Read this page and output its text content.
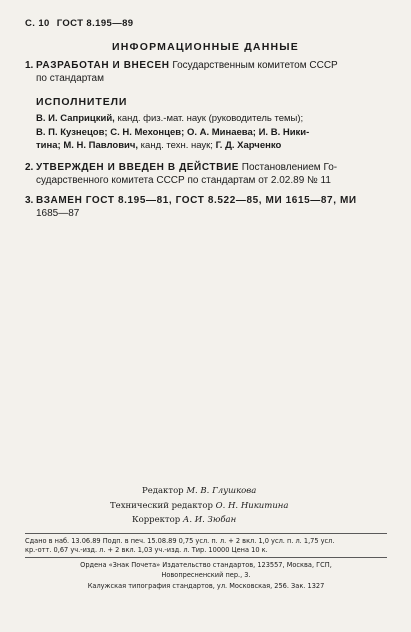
С. 10 ГОСТ 8.195—89
ИНФОРМАЦИОННЫЕ ДАННЫЕ
1. РАЗРАБОТАН И ВНЕСЕН Государственным комитетом СССР
по стандартам
ИСПОЛНИТЕЛИ
В. И. Саприцкий, канд. физ.-мат. наук (руководитель темы);
В. П. Кузнецов; С. Н. Мехонцев; О. А. Минаева; И. В. Ники-
тина; М. Н. Павлович, канд. техн. наук; Г. Д. Харченко
2. УТВЕРЖДЕН И ВВЕДЕН В ДЕЙСТВИЕ Постановлением Го-
сударственного комитета СССР по стандартам от 2.02.89 № 11
3. ВЗАМЕН ГОСТ 8.195—81, ГОСТ 8.522—85, МИ 1615—87, МИ
1685—87
Редактор М. В. Глушкова
Технический редактор О. Н. Никитина
Корректор А. И. Зюбан
Сдано в наб. 13.06.89 Подп. в печ. 15.08.89 0,75 усл. п. л. + 2 вкл. 1,0 усл. п. л. 1,75 усл.
кр.-отт. 0,67 уч.-изд. л. + 2 вкл. 1,03 уч.-изд. л. Тир. 10000 Цена 10 к.
Ордена «Знак Почета» Издательство стандартов, 123557, Москва, ГСП,
Новопресненский пер., 3.
Калужская типография стандартов, ул. Московская, 256. Зак. 1327
